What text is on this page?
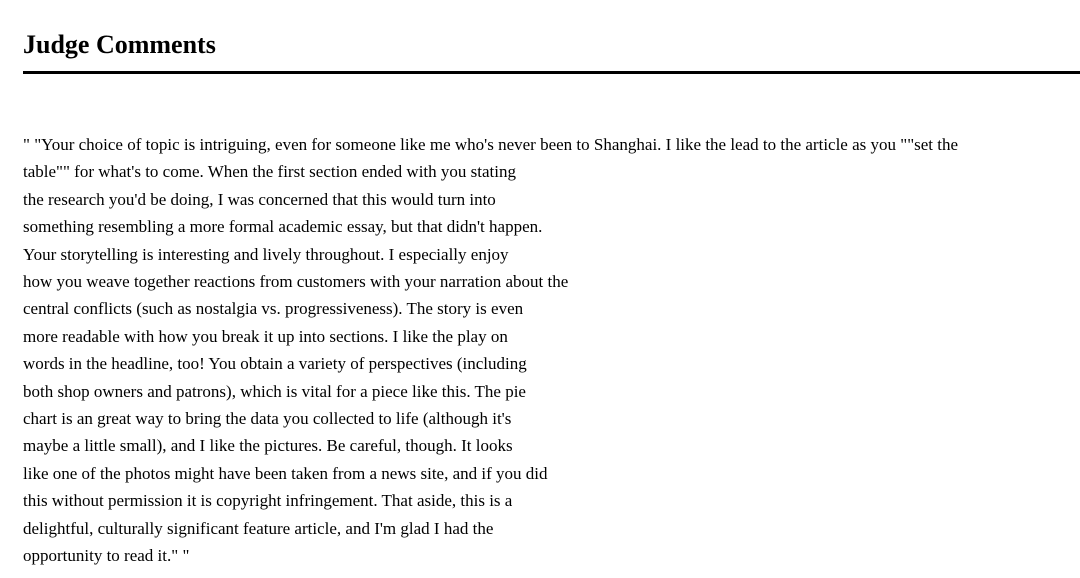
Judge Comments
" "Your choice of topic is intriguing, even for someone like me who's never been to Shanghai. I like the lead to the article as you ""set the
table"" for what's to come. When the first section ended with you stating
the research you'd be doing, I was concerned that this would turn into
something resembling a more formal academic essay, but that didn't happen.
Your storytelling is interesting and lively throughout. I especially enjoy
how you weave together reactions from customers with your narration about the
central conflicts (such as nostalgia vs. progressiveness). The story is even
more readable with how you break it up into sections. I like the play on
words in the headline, too! You obtain a variety of perspectives (including
both shop owners and patrons), which is vital for a piece like this. The pie
chart is an great way to bring the data you collected to life (although it's
maybe a little small), and I like the pictures. Be careful, though. It looks
like one of the photos might have been taken from a news site, and if you did
this without permission it is copyright infringement. That aside, this is a
delightful, culturally significant feature article, and I'm glad I had the
opportunity to read it." "
